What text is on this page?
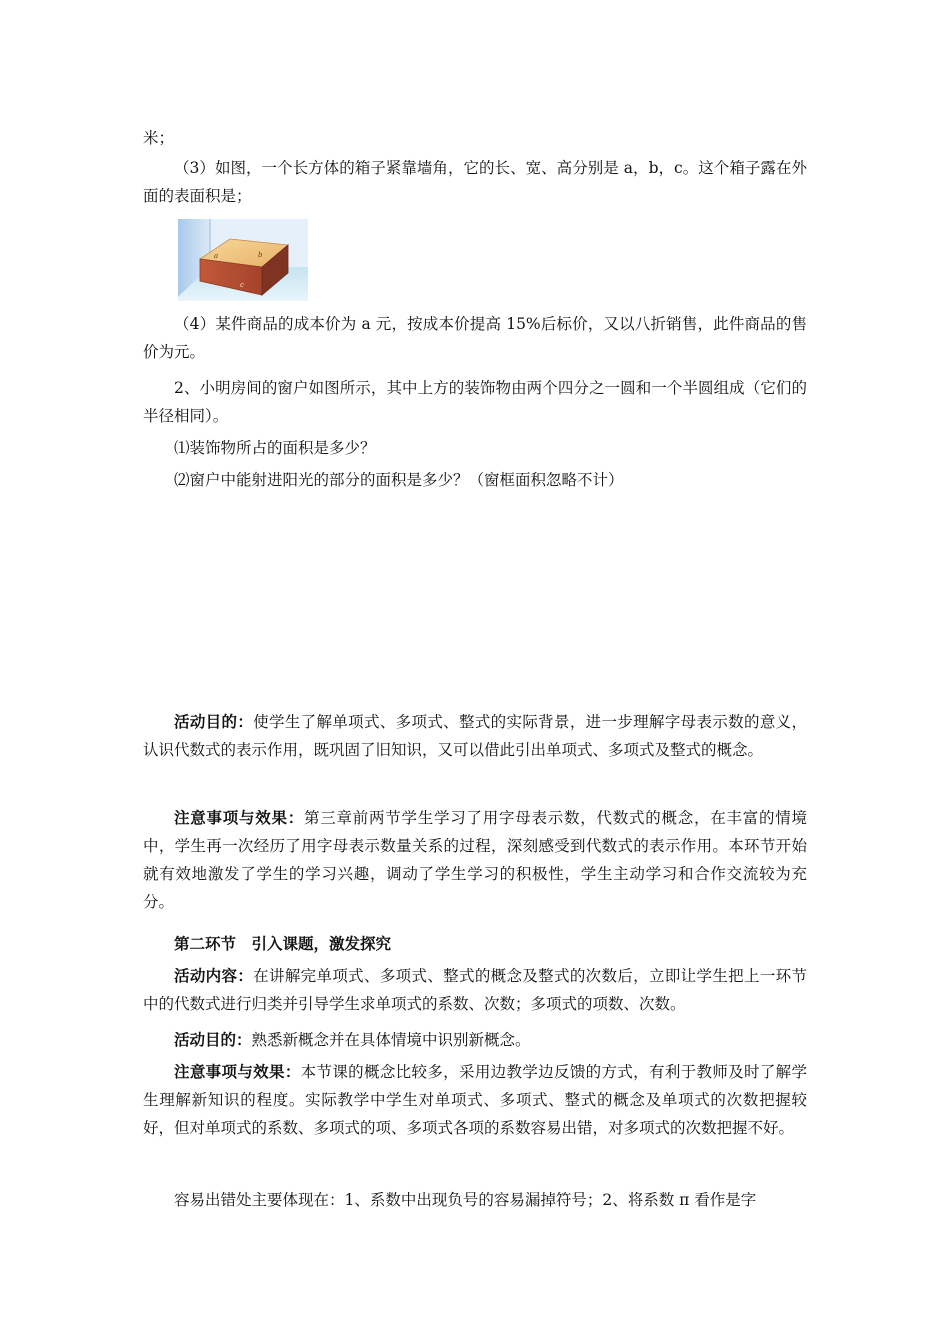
米；

（3）如图，一个长方体的箱子紧靠墙角，它的长、宽、高分别是 a，b，c。这个箱子露在外面的表面积是；

a	b
c

（4）某件商品的成本价为 a 元，按成本价提高 15%后标价，又以八折销售，此件商品的售价为元。

2、小明房间的窗户如图所示，其中上方的装饰物由两个四分之一圆和一个半圆组成（它们的半径相同）。

⑴装饰物所占的面积是多少？

⑵窗户中能射进阳光的部分的面积是多少？（窗框面积忽略不计）

活动目的：使学生了解单项式、多项式、整式的实际背景，进一步理解字母表示数的意义，认识代数式的表示作用，既巩固了旧知识，又可以借此引出单项式、多项式及整式的概念。

注意事项与效果：第三章前两节学生学习了用字母表示数，代数式的概念，在丰富的情境中，学生再一次经历了用字母表示数量关系的过程，深刻感受到代数式的表示作用。本环节开始就有效地激发了学生的学习兴趣，调动了学生学习的积极性，学生主动学习和合作交流较为充分。

第二环节　引入课题，激发探究

活动内容：在讲解完单项式、多项式、整式的概念及整式的次数后，立即让学生把上一环节中的代数式进行归类并引导学生求单项式的系数、次数；多项式的项数、次数。

活动目的：熟悉新概念并在具体情境中识别新概念。

注意事项与效果：本节课的概念比较多，采用边教学边反馈的方式，有利于教师及时了解学生理解新知识的程度。实际教学中学生对单项式、多项式、整式的概念及单项式的次数把握较好，但对单项式的系数、多项式的项、多项式各项的系数容易出错，对多项式的次数把握不好。

容易出错处主要体现在：1、系数中出现负号的容易漏掉符号；2、将系数 π 看作是字
